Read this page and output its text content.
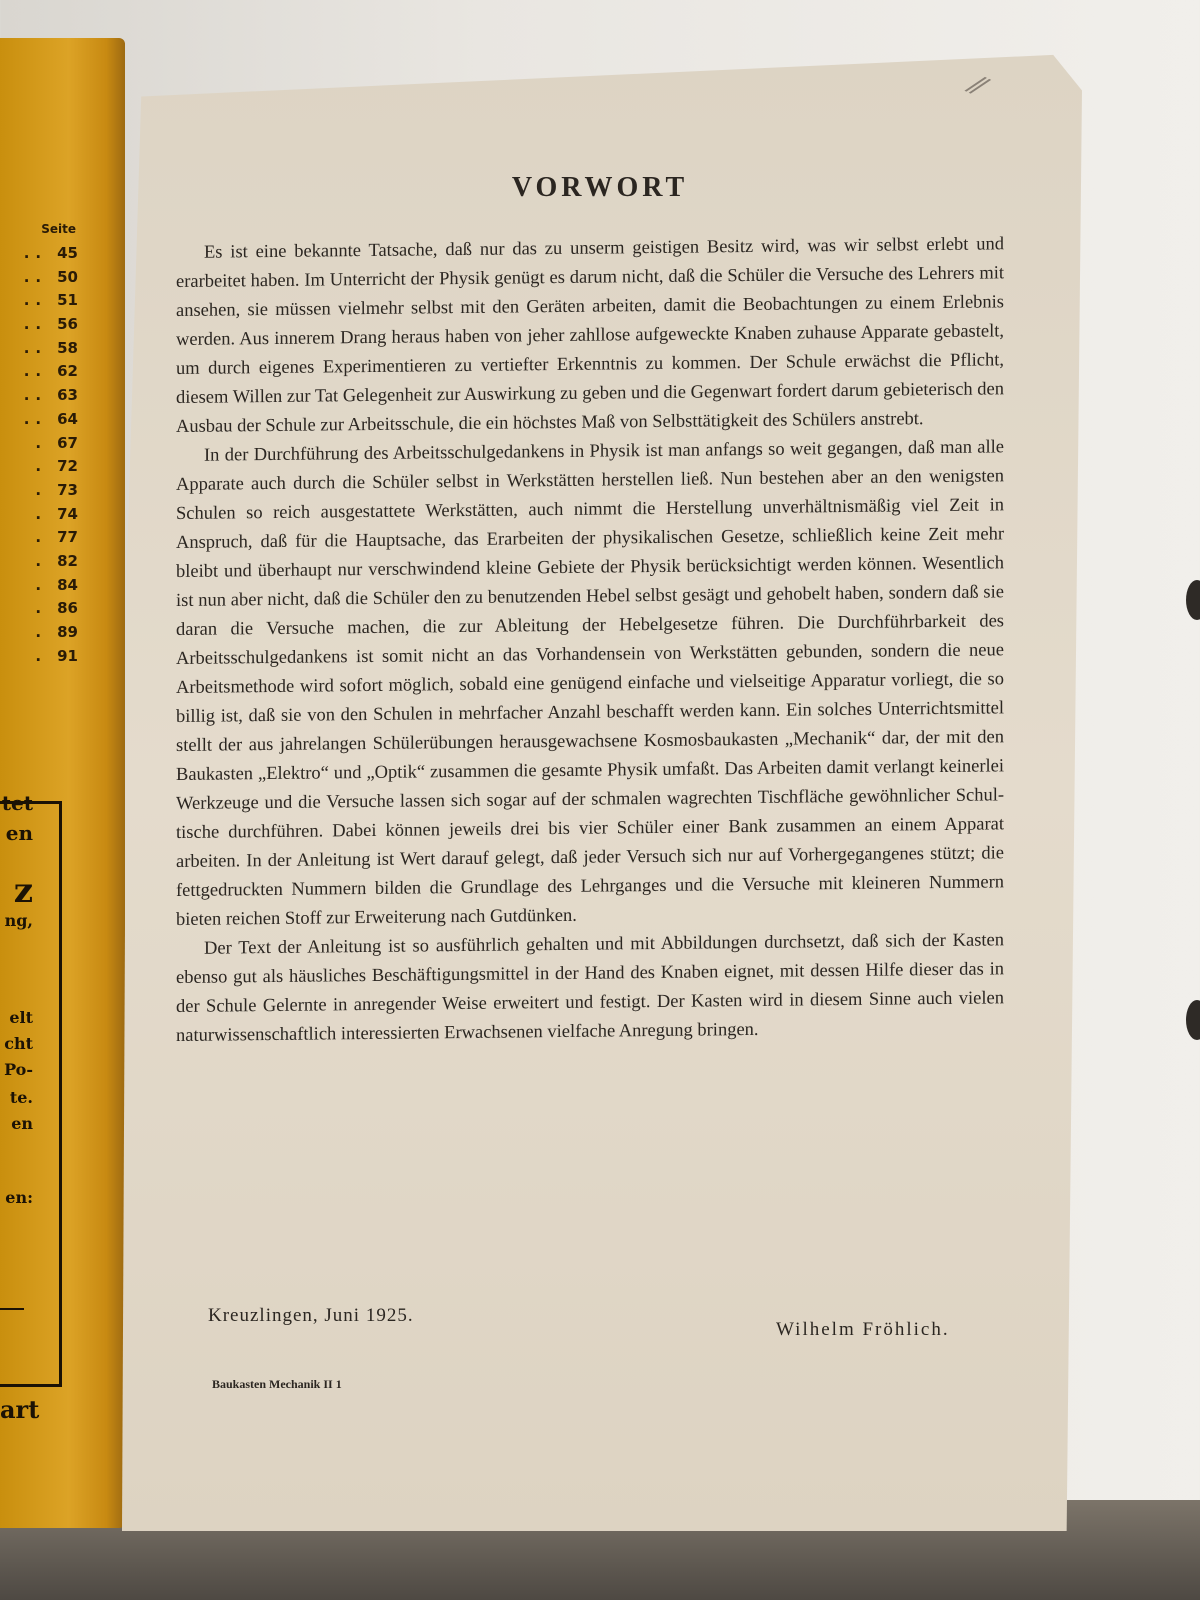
Seite
.. 45
.. 50
.. 51
.. 56
.. 58
.. 62
.. 63
.. 64
. 67
. 72
. 73
. 74
. 77
. 82
. 84
. 86
. 89
. 91
tet
en
z
ng,
elt
cht
Po-
te.
en
en:
art
⁄⁄
VORWORT

Es ist eine bekannte Tatsache, daß nur das zu unserm geistigen Besitz wird, was wir selbst erlebt und erarbeitet haben. Im Unterricht der Physik genügt es darum nicht, daß die Schüler die Versuche des Lehrers mit ansehen, sie müssen vielmehr selbst mit den Geräten arbeiten, damit die Beobachtungen zu einem Erlebnis werden. Aus innerem Drang heraus haben von jeher zahllose aufgeweckte Knaben zuhause Apparate gebastelt, um durch eigenes Experimentieren zu vertiefter Erkenntnis zu kommen. Der Schule erwächst die Pflicht, diesem Willen zur Tat Gelegenheit zur Auswirkung zu geben und die Gegenwart fordert darum gebieterisch den Ausbau der Schule zur Arbeitsschule, die ein höchstes Maß von Selbsttätigkeit des Schülers anstrebt.

In der Durchführung des Arbeitsschulgedankens in Physik ist man anfangs so weit gegangen, daß man alle Apparate auch durch die Schüler selbst in Werkstätten herstellen ließ. Nun bestehen aber an den wenigsten Schulen so reich ausgestattete Werkstätten, auch nimmt die Herstellung unverhältnismäßig viel Zeit in Anspruch, daß für die Hauptsache, das Erarbeiten der physikalischen Gesetze, schließlich keine Zeit mehr bleibt und überhaupt nur verschwindend kleine Gebiete der Physik berücksichtigt werden können. Wesentlich ist nun aber nicht, daß die Schüler den zu benutzenden Hebel selbst gesägt und gehobelt haben, sondern daß sie daran die Versuche machen, die zur Ableitung der Hebelgesetze führen. Die Durchführbarkeit des Arbeitsschulgedankens ist somit nicht an das Vorhandensein von Werkstätten gebunden, sondern die neue Arbeitsmethode wird sofort möglich, sobald eine genügend einfache und vielseitige Apparatur vorliegt, die so billig ist, daß sie von den Schulen in mehrfacher Anzahl beschafft werden kann. Ein solches Unterrichtsmittel stellt der aus jahrelangen Schülerübungen herausgewachsene Kosmosbaukasten „Mechanik“ dar, der mit den Baukasten „Elektro“ und „Optik“ zusammen die gesamte Physik umfaßt. Das Arbeiten damit verlangt keinerlei Werkzeuge und die Versuche lassen sich sogar auf der schmalen wagrechten Tischfläche gewöhnlicher Schultische durchführen. Dabei können jeweils drei bis vier Schüler einer Bank zusammen an einem Apparat arbeiten. In der Anleitung ist Wert darauf gelegt, daß jeder Versuch sich nur auf Vorhergegangenes stützt; die fettgedruckten Nummern bilden die Grundlage des Lehrganges und die Versuche mit kleineren Nummern bieten reichen Stoff zur Erweiterung nach Gutdünken.

Der Text der Anleitung ist so ausführlich gehalten und mit Abbildungen durchsetzt, daß sich der Kasten ebenso gut als häusliches Beschäftigungsmittel in der Hand des Knaben eignet, mit dessen Hilfe dieser das in der Schule Gelernte in anregender Weise erweitert und festigt. Der Kasten wird in diesem Sinne auch vielen naturwissenschaftlich interessierten Erwachsenen vielfache Anregung bringen.

Kreuzlingen, Juni 1925.
Wilhelm Fröhlich.
Baukasten Mechanik II 1
